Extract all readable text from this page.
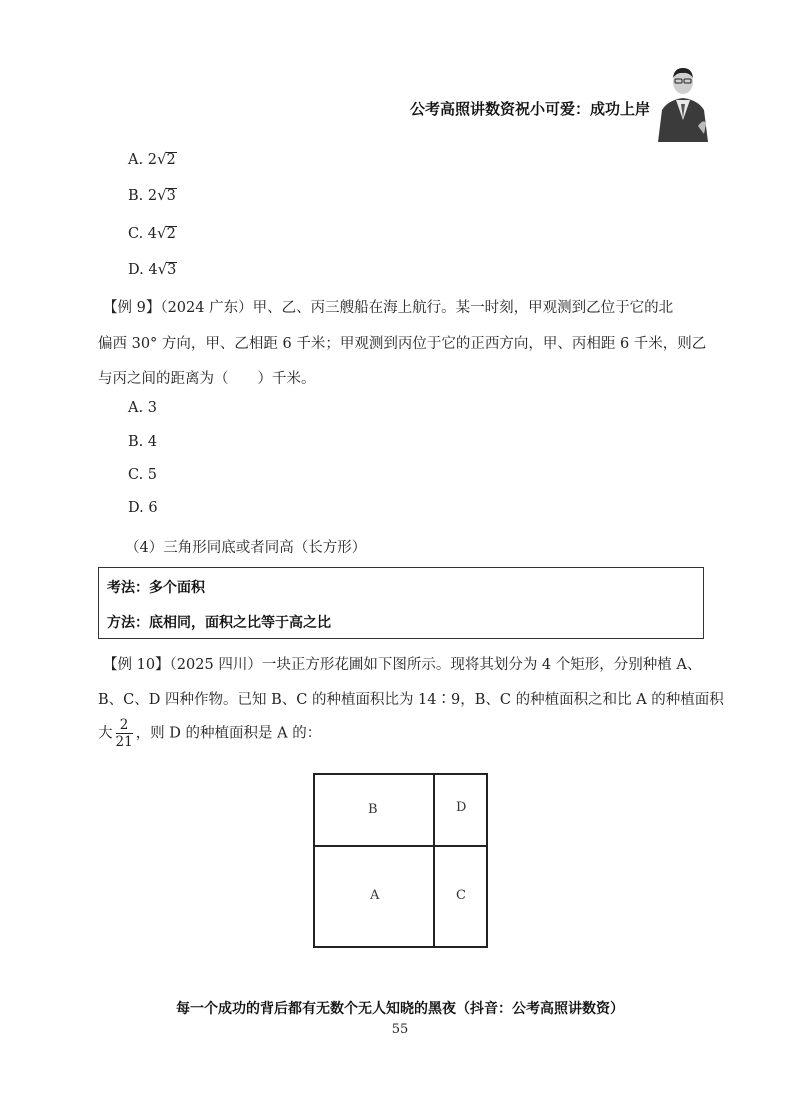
公考高照讲数资祝小可爱：成功上岸
A. 2√2
B. 2√3
C. 4√2
D. 4√3
【例 9】（2024 广东）甲、乙、丙三艘船在海上航行。某一时刻，甲观测到乙位于它的北
偏西 30° 方向，甲、乙相距 6 千米；甲观测到丙位于它的正西方向，甲、丙相距 6 千米，则乙
与丙之间的距离为（　　）千米。
A. 3
B. 4
C. 5
D. 6
（4）三角形同底或者同高（长方形）
考法：多个面积
方法：底相同，面积之比等于高之比
【例 10】（2025 四川）一块正方形花圃如下图所示。现将其划分为 4 个矩形，分别种植 A、
B、C、D 四种作物。已知 B、C 的种植面积比为 14∶9，B、C 的种植面积之和比 A 的种植面积
大 $\frac{2}{21}$ ，则 D 的种植面积是 A 的：
B	D
A	C
每一个成功的背后都有无数个无人知晓的黑夜（抖音：公考高照讲数资）
55
